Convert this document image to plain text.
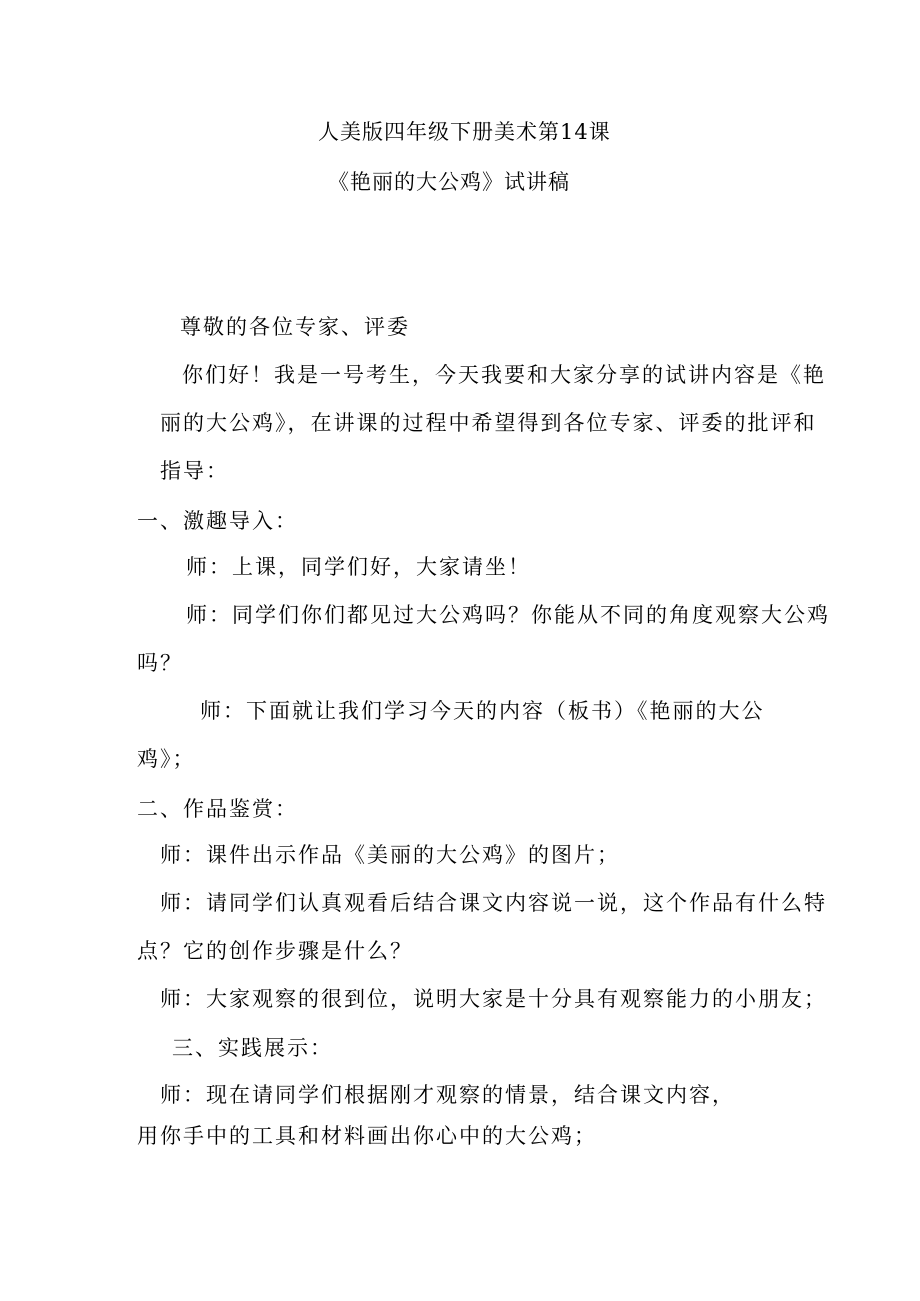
人美版四年级下册美术第14课
《艳丽的大公鸡》试讲稿
尊敬的各位专家、评委
你们好！我是一号考生，今天我要和大家分享的试讲内容是《艳
丽的大公鸡》，在讲课的过程中希望得到各位专家、评委的批评和
指导：
一、激趣导入：
师：上课，同学们好，大家请坐！
师：同学们你们都见过大公鸡吗？你能从不同的角度观察大公鸡
吗？
师：下面就让我们学习今天的内容（板书）《艳丽的大公
鸡》；
二、作品鉴赏：
师：课件出示作品《美丽的大公鸡》的图片；
师：请同学们认真观看后结合课文内容说一说，这个作品有什么特
点？它的创作步骤是什么？
师：大家观察的很到位，说明大家是十分具有观察能力的小朋友；
三、实践展示：
师：现在请同学们根据刚才观察的情景，结合课文内容，
用你手中的工具和材料画出你心中的大公鸡；
